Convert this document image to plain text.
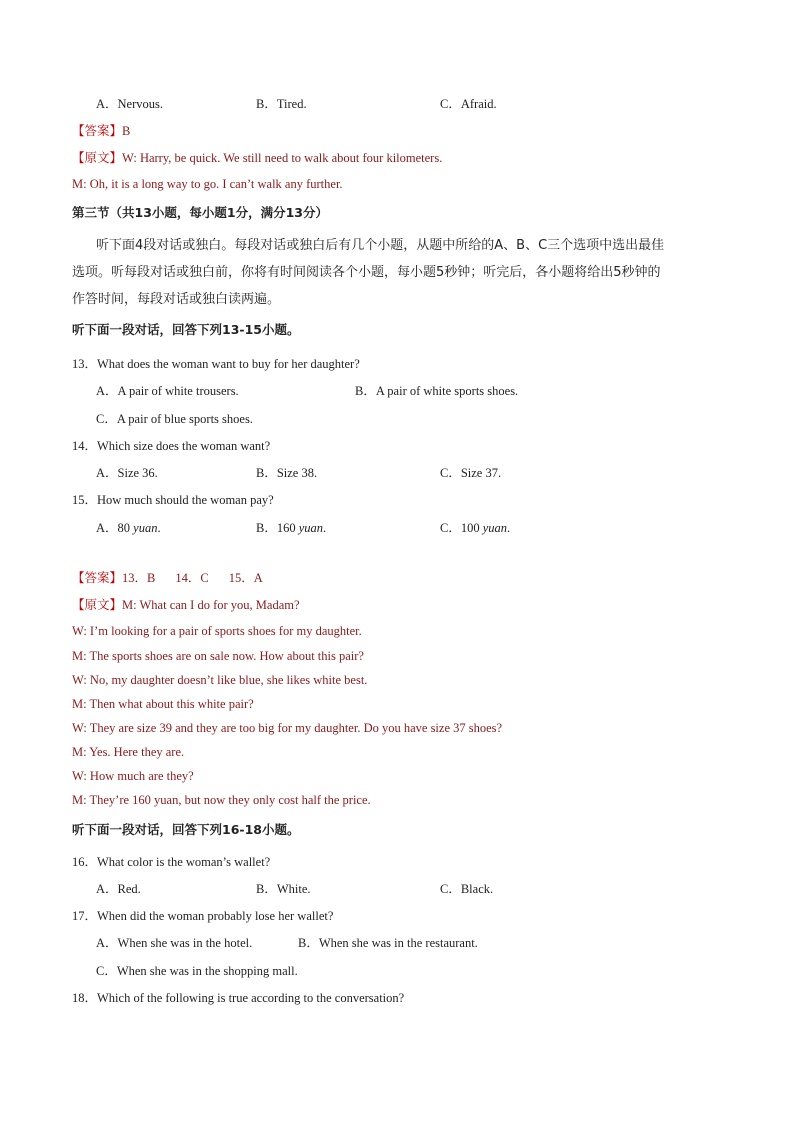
A．Nervous.	B．Tired.	C．Afraid.
【答案】B
【原文】W: Harry, be quick. We still need to walk about four kilometers.
M: Oh, it is a long way to go. I can’t walk any further.
第三节（共13小题，每小题1分，满分13分）
听下面4段对话或独白。每段对话或独白后有几个小题，从题中所给的A、B、C三个选项中选出最佳
选项。听每段对话或独白前，你将有时间阅读各个小题，每小题5秒钟；听完后，各小题将给出5秒钟的
作答时间，每段对话或独白读两遍。
听下面一段对话，回答下列13-15小题。
13．What does the woman want to buy for her daughter?
A．A pair of white trousers.	B．A pair of white sports shoes.
C．A pair of blue sports shoes.
14．Which size does the woman want?
A．Size 36.	B．Size 38.	C．Size 37.
15．How much should the woman pay?
A．80 yuan.	B．160 yuan.	C．100 yuan.
【答案】13．B 14．C 15．A
【原文】M: What can I do for you, Madam?
W: I’m looking for a pair of sports shoes for my daughter.
M: The sports shoes are on sale now. How about this pair?
W: No, my daughter doesn’t like blue, she likes white best.
M: Then what about this white pair?
W: They are size 39 and they are too big for my daughter. Do you have size 37 shoes?
M: Yes. Here they are.
W: How much are they?
M: They’re 160 yuan, but now they only cost half the price.
听下面一段对话，回答下列16-18小题。
16．What color is the woman’s wallet?
A．Red.	B．White.	C．Black.
17．When did the woman probably lose her wallet?
A．When she was in the hotel.	B．When she was in the restaurant.
C．When she was in the shopping mall.
18．Which of the following is true according to the conversation?
